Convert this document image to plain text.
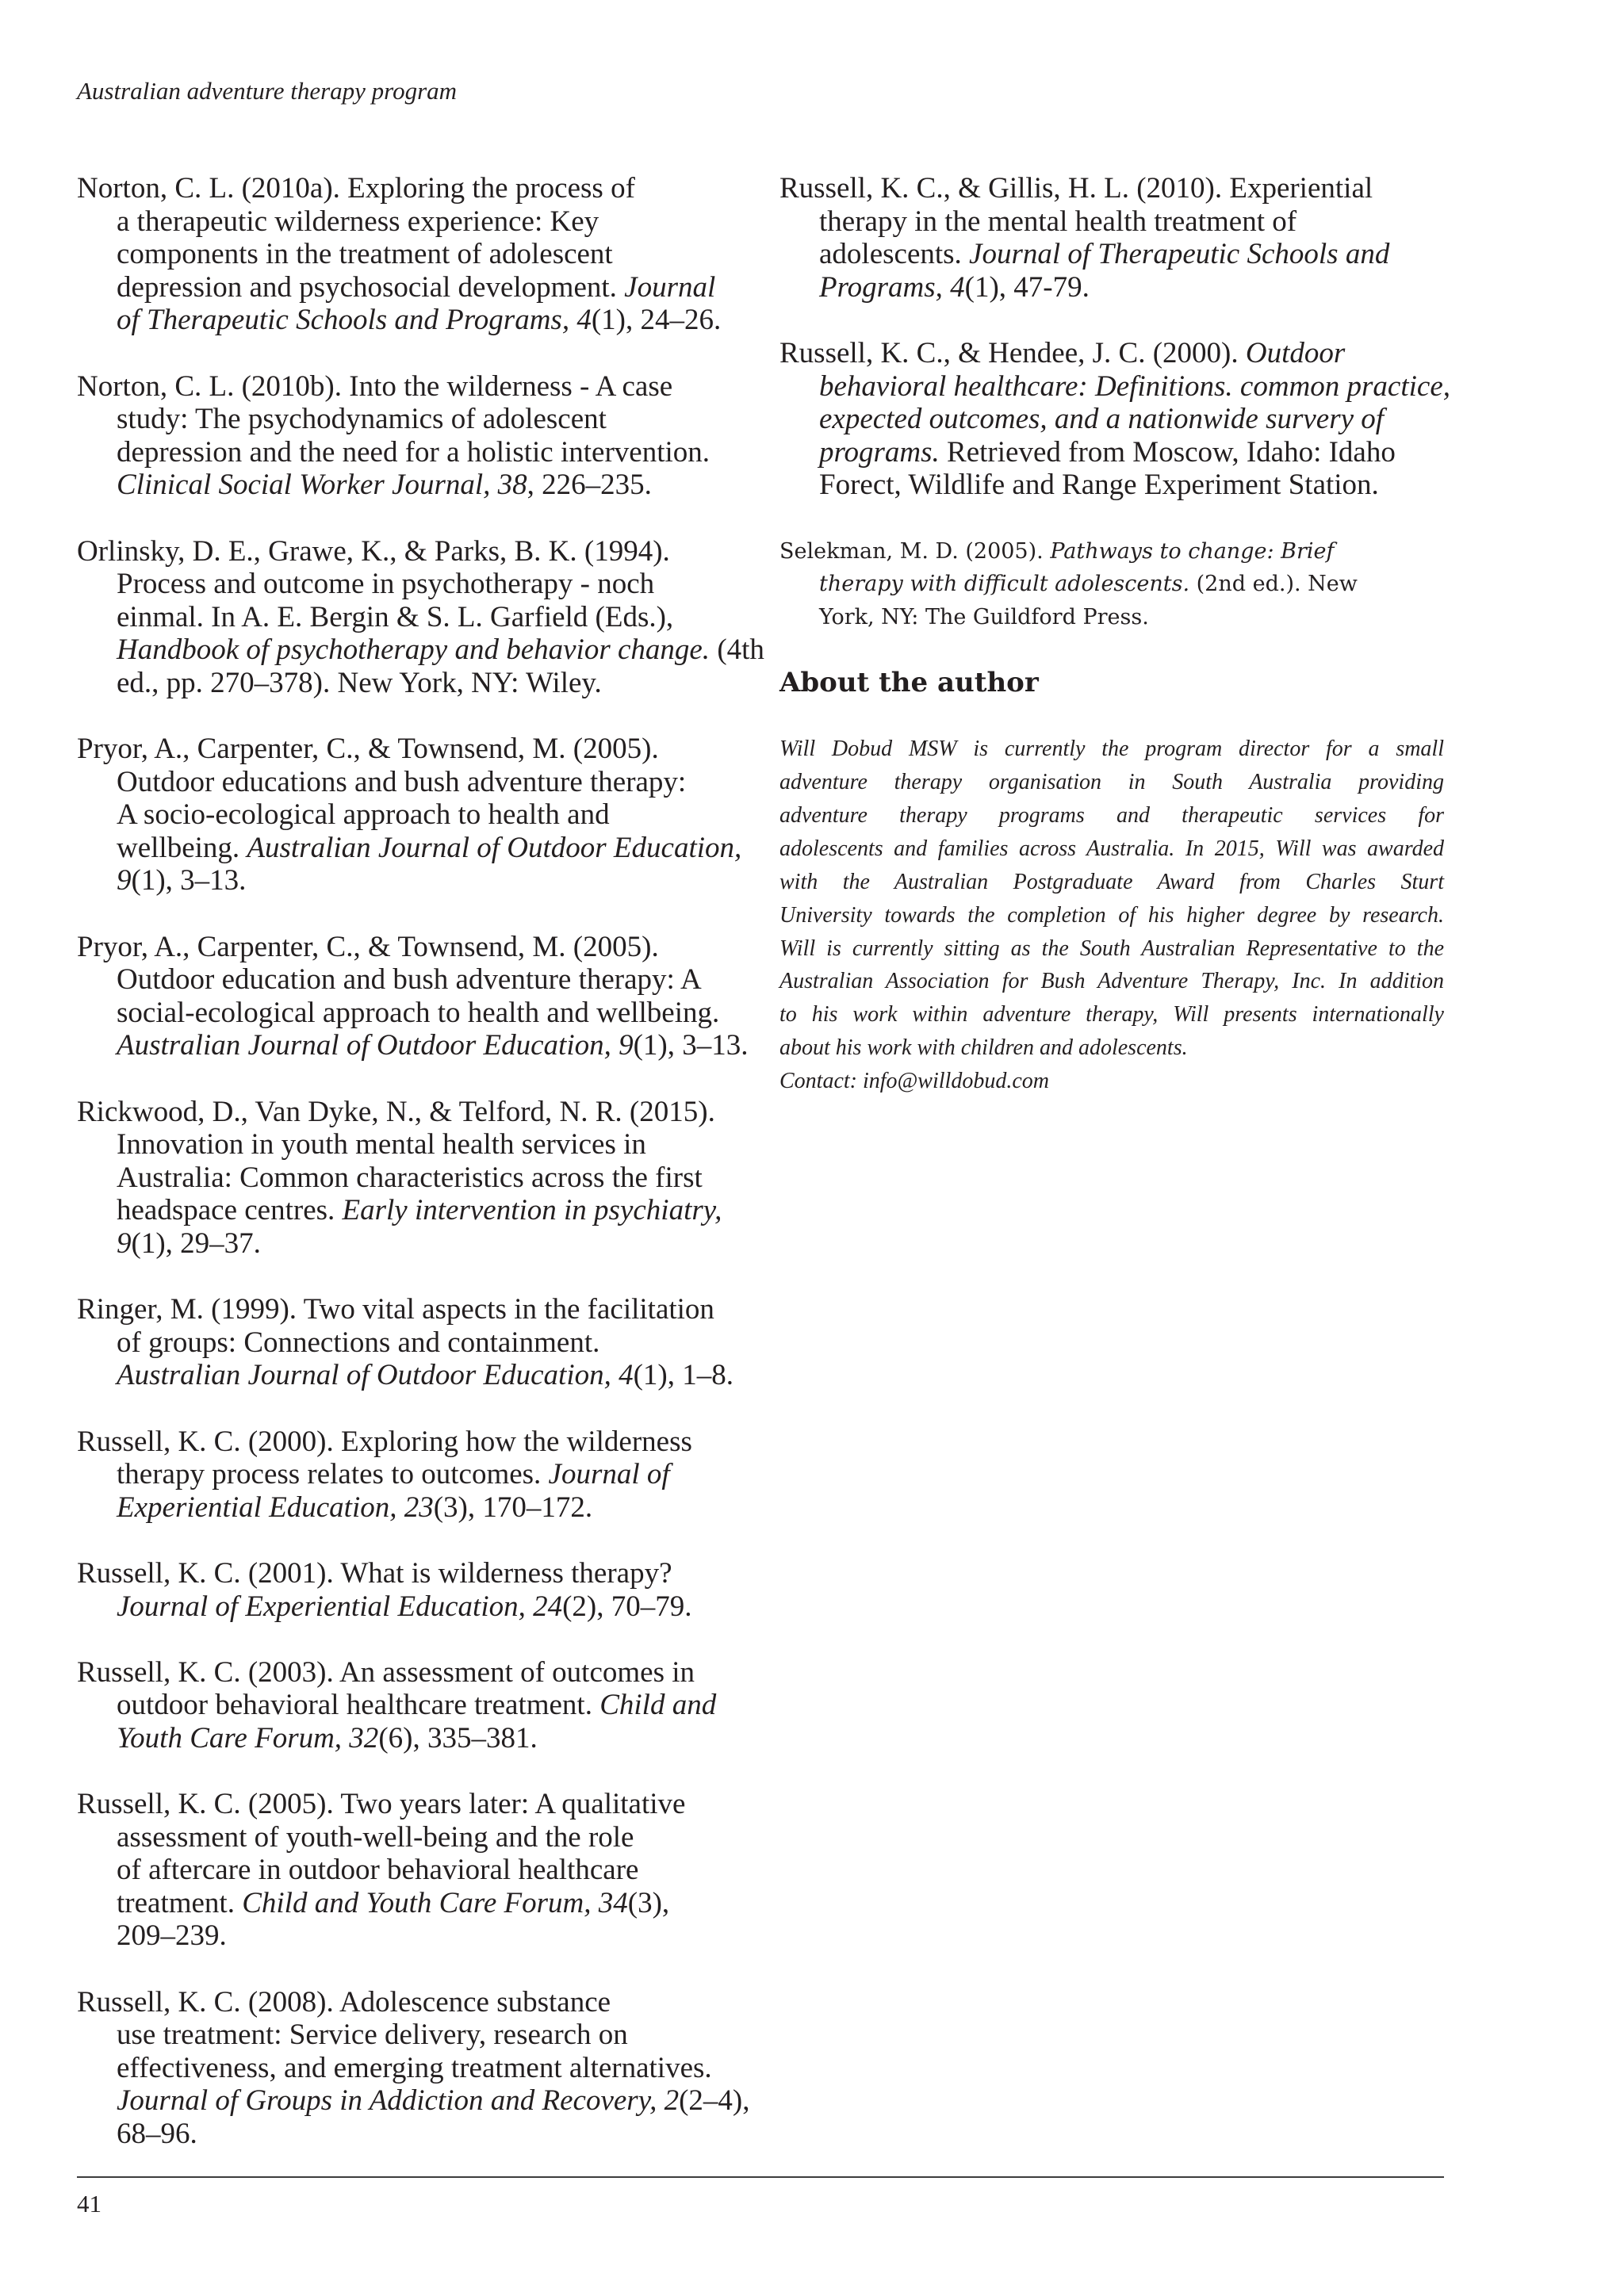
Australian adventure therapy program
Norton, C. L. (2010a). Exploring the process of
a therapeutic wilderness experience: Key
components in the treatment of adolescent
depression and psychosocial development. Journal
of Therapeutic Schools and Programs, 4(1), 24–26.
Norton, C. L. (2010b). Into the wilderness - A case
study: The psychodynamics of adolescent
depression and the need for a holistic intervention.
Clinical Social Worker Journal, 38, 226–235.
Orlinsky, D. E., Grawe, K., & Parks, B. K. (1994).
Process and outcome in psychotherapy - noch
einmal. In A. E. Bergin & S. L. Garfield (Eds.),
Handbook of psychotherapy and behavior change. (4th
ed., pp. 270–378). New York, NY: Wiley.
Pryor, A., Carpenter, C., & Townsend, M. (2005).
Outdoor educations and bush adventure therapy:
A socio-ecological approach to health and
wellbeing. Australian Journal of Outdoor Education,
9(1), 3–13.
Pryor, A., Carpenter, C., & Townsend, M. (2005).
Outdoor education and bush adventure therapy: A
social-ecological approach to health and wellbeing.
Australian Journal of Outdoor Education, 9(1), 3–13.
Rickwood, D., Van Dyke, N., & Telford, N. R. (2015).
Innovation in youth mental health services in
Australia: Common characteristics across the first
headspace centres. Early intervention in psychiatry,
9(1), 29–37.
Ringer, M. (1999). Two vital aspects in the facilitation
of groups: Connections and containment.
Australian Journal of Outdoor Education, 4(1), 1–8.
Russell, K. C. (2000). Exploring how the wilderness
therapy process relates to outcomes. Journal of
Experiential Education, 23(3), 170–172.
Russell, K. C. (2001). What is wilderness therapy?
Journal of Experiential Education, 24(2), 70–79.
Russell, K. C. (2003). An assessment of outcomes in
outdoor behavioral healthcare treatment. Child and
Youth Care Forum, 32(6), 335–381.
Russell, K. C. (2005). Two years later: A qualitative
assessment of youth-well-being and the role
of aftercare in outdoor behavioral healthcare
treatment. Child and Youth Care Forum, 34(3),
209–239.
Russell, K. C. (2008). Adolescence substance
use treatment: Service delivery, research on
effectiveness, and emerging treatment alternatives.
Journal of Groups in Addiction and Recovery, 2(2–4),
68–96.
Russell, K. C., & Gillis, H. L. (2010). Experiential
therapy in the mental health treatment of
adolescents. Journal of Therapeutic Schools and
Programs, 4(1), 47-79.
Russell, K. C., & Hendee, J. C. (2000). Outdoor
behavioral healthcare: Definitions. common practice,
expected outcomes, and a nationwide survery of
programs. Retrieved from Moscow, Idaho: Idaho
Forect, Wildlife and Range Experiment Station.
Selekman, M. D. (2005). Pathways to change: Brief
therapy with difficult adolescents. (2nd ed.). New
York, NY: The Guildford Press.
About the author
Will Dobud MSW is currently the program director for a small
adventure therapy organisation in South Australia providing
adventure therapy programs and therapeutic services for
adolescents and families across Australia. In 2015, Will was awarded
with the Australian Postgraduate Award from Charles Sturt
University towards the completion of his higher degree by research.
Will is currently sitting as the South Australian Representative to the
Australian Association for Bush Adventure Therapy, Inc. In addition
to his work within adventure therapy, Will presents internationally
about his work with children and adolescents.
Contact: info@willdobud.com
41
